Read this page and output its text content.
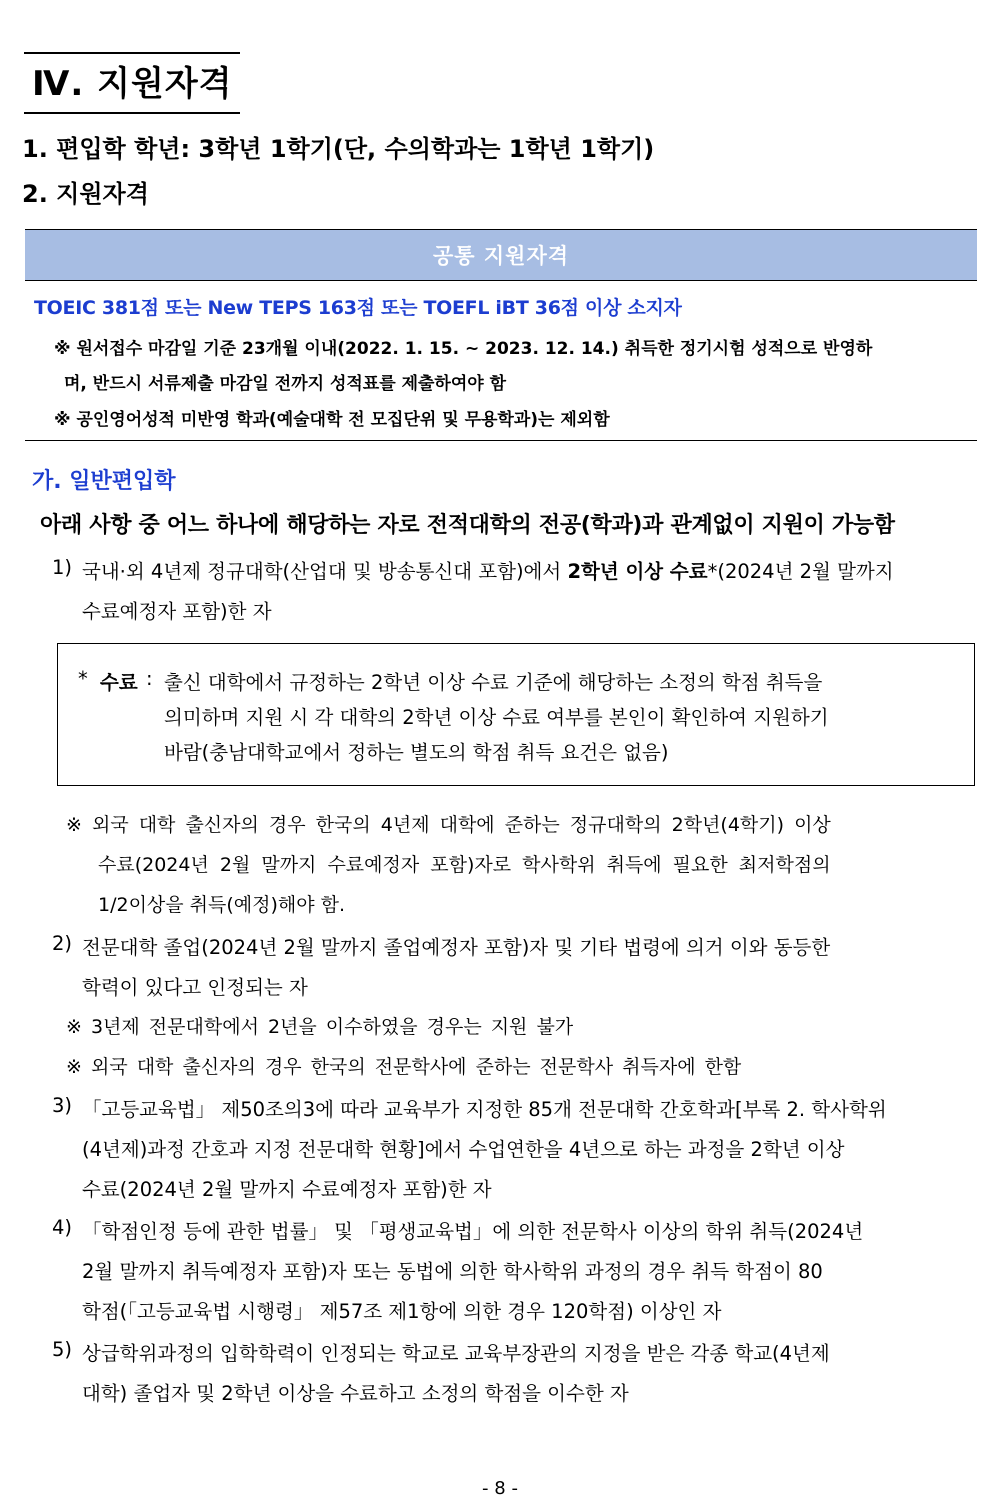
Ⅳ. 지원자격
1. 편입학 학년: 3학년 1학기(단, 수의학과는 1학년 1학기)
2. 지원자격
공통 지원자격
TOEIC 381점 또는 New TEPS 163점 또는 TOEFL iBT 36점 이상 소지자
※ 원서접수 마감일 기준 23개월 이내(2022. 1. 15. ~ 2023. 12. 14.) 취득한 정기시험 성적으로 반영하
며, 반드시 서류제출 마감일 전까지 성적표를 제출하여야 함
※ 공인영어성적 미반영 학과(예술대학 전 모집단위 및 무용학과)는 제외함
가. 일반편입학
아래 사항 중 어느 하나에 해당하는 자로 전적대학의 전공(학과)과 관계없이 지원이 가능함
1) 국내·외 4년제 정규대학(산업대 및 방송통신대 포함)에서 2학년 이상 수료*(2024년 2월 말까지
수료예정자 포함)한 자
* 수료 : 출신 대학에서 규정하는 2학년 이상 수료 기준에 해당하는 소정의 학점 취득을
의미하며 지원 시 각 대학의 2학년 이상 수료 여부를 본인이 확인하여 지원하기
바람(충남대학교에서 정하는 별도의 학점 취득 요건은 없음)
※ 외국 대학 출신자의 경우 한국의 4년제 대학에 준하는 정규대학의 2학년(4학기) 이상
수료(2024년 2월 말까지 수료예정자 포함)자로 학사학위 취득에 필요한 최저학점의
1/2이상을 취득(예정)해야 함.
2) 전문대학 졸업(2024년 2월 말까지 졸업예정자 포함)자 및 기타 법령에 의거 이와 동등한
학력이 있다고 인정되는 자
※ 3년제 전문대학에서 2년을 이수하였을 경우는 지원 불가
※ 외국 대학 출신자의 경우 한국의 전문학사에 준하는 전문학사 취득자에 한함
3) 「고등교육법」 제50조의3에 따라 교육부가 지정한 85개 전문대학 간호학과[부록 2. 학사학위
(4년제)과정 간호과 지정 전문대학 현황]에서 수업연한을 4년으로 하는 과정을 2학년 이상
수료(2024년 2월 말까지 수료예정자 포함)한 자
4) 「학점인정 등에 관한 법률」 및 「평생교육법」에 의한 전문학사 이상의 학위 취득(2024년
2월 말까지 취득예정자 포함)자 또는 동법에 의한 학사학위 과정의 경우 취득 학점이 80
학점(「고등교육법 시행령」 제57조 제1항에 의한 경우 120학점) 이상인 자
5) 상급학위과정의 입학학력이 인정되는 학교로 교육부장관의 지정을 받은 각종 학교(4년제
대학) 졸업자 및 2학년 이상을 수료하고 소정의 학점을 이수한 자
- 8 -
